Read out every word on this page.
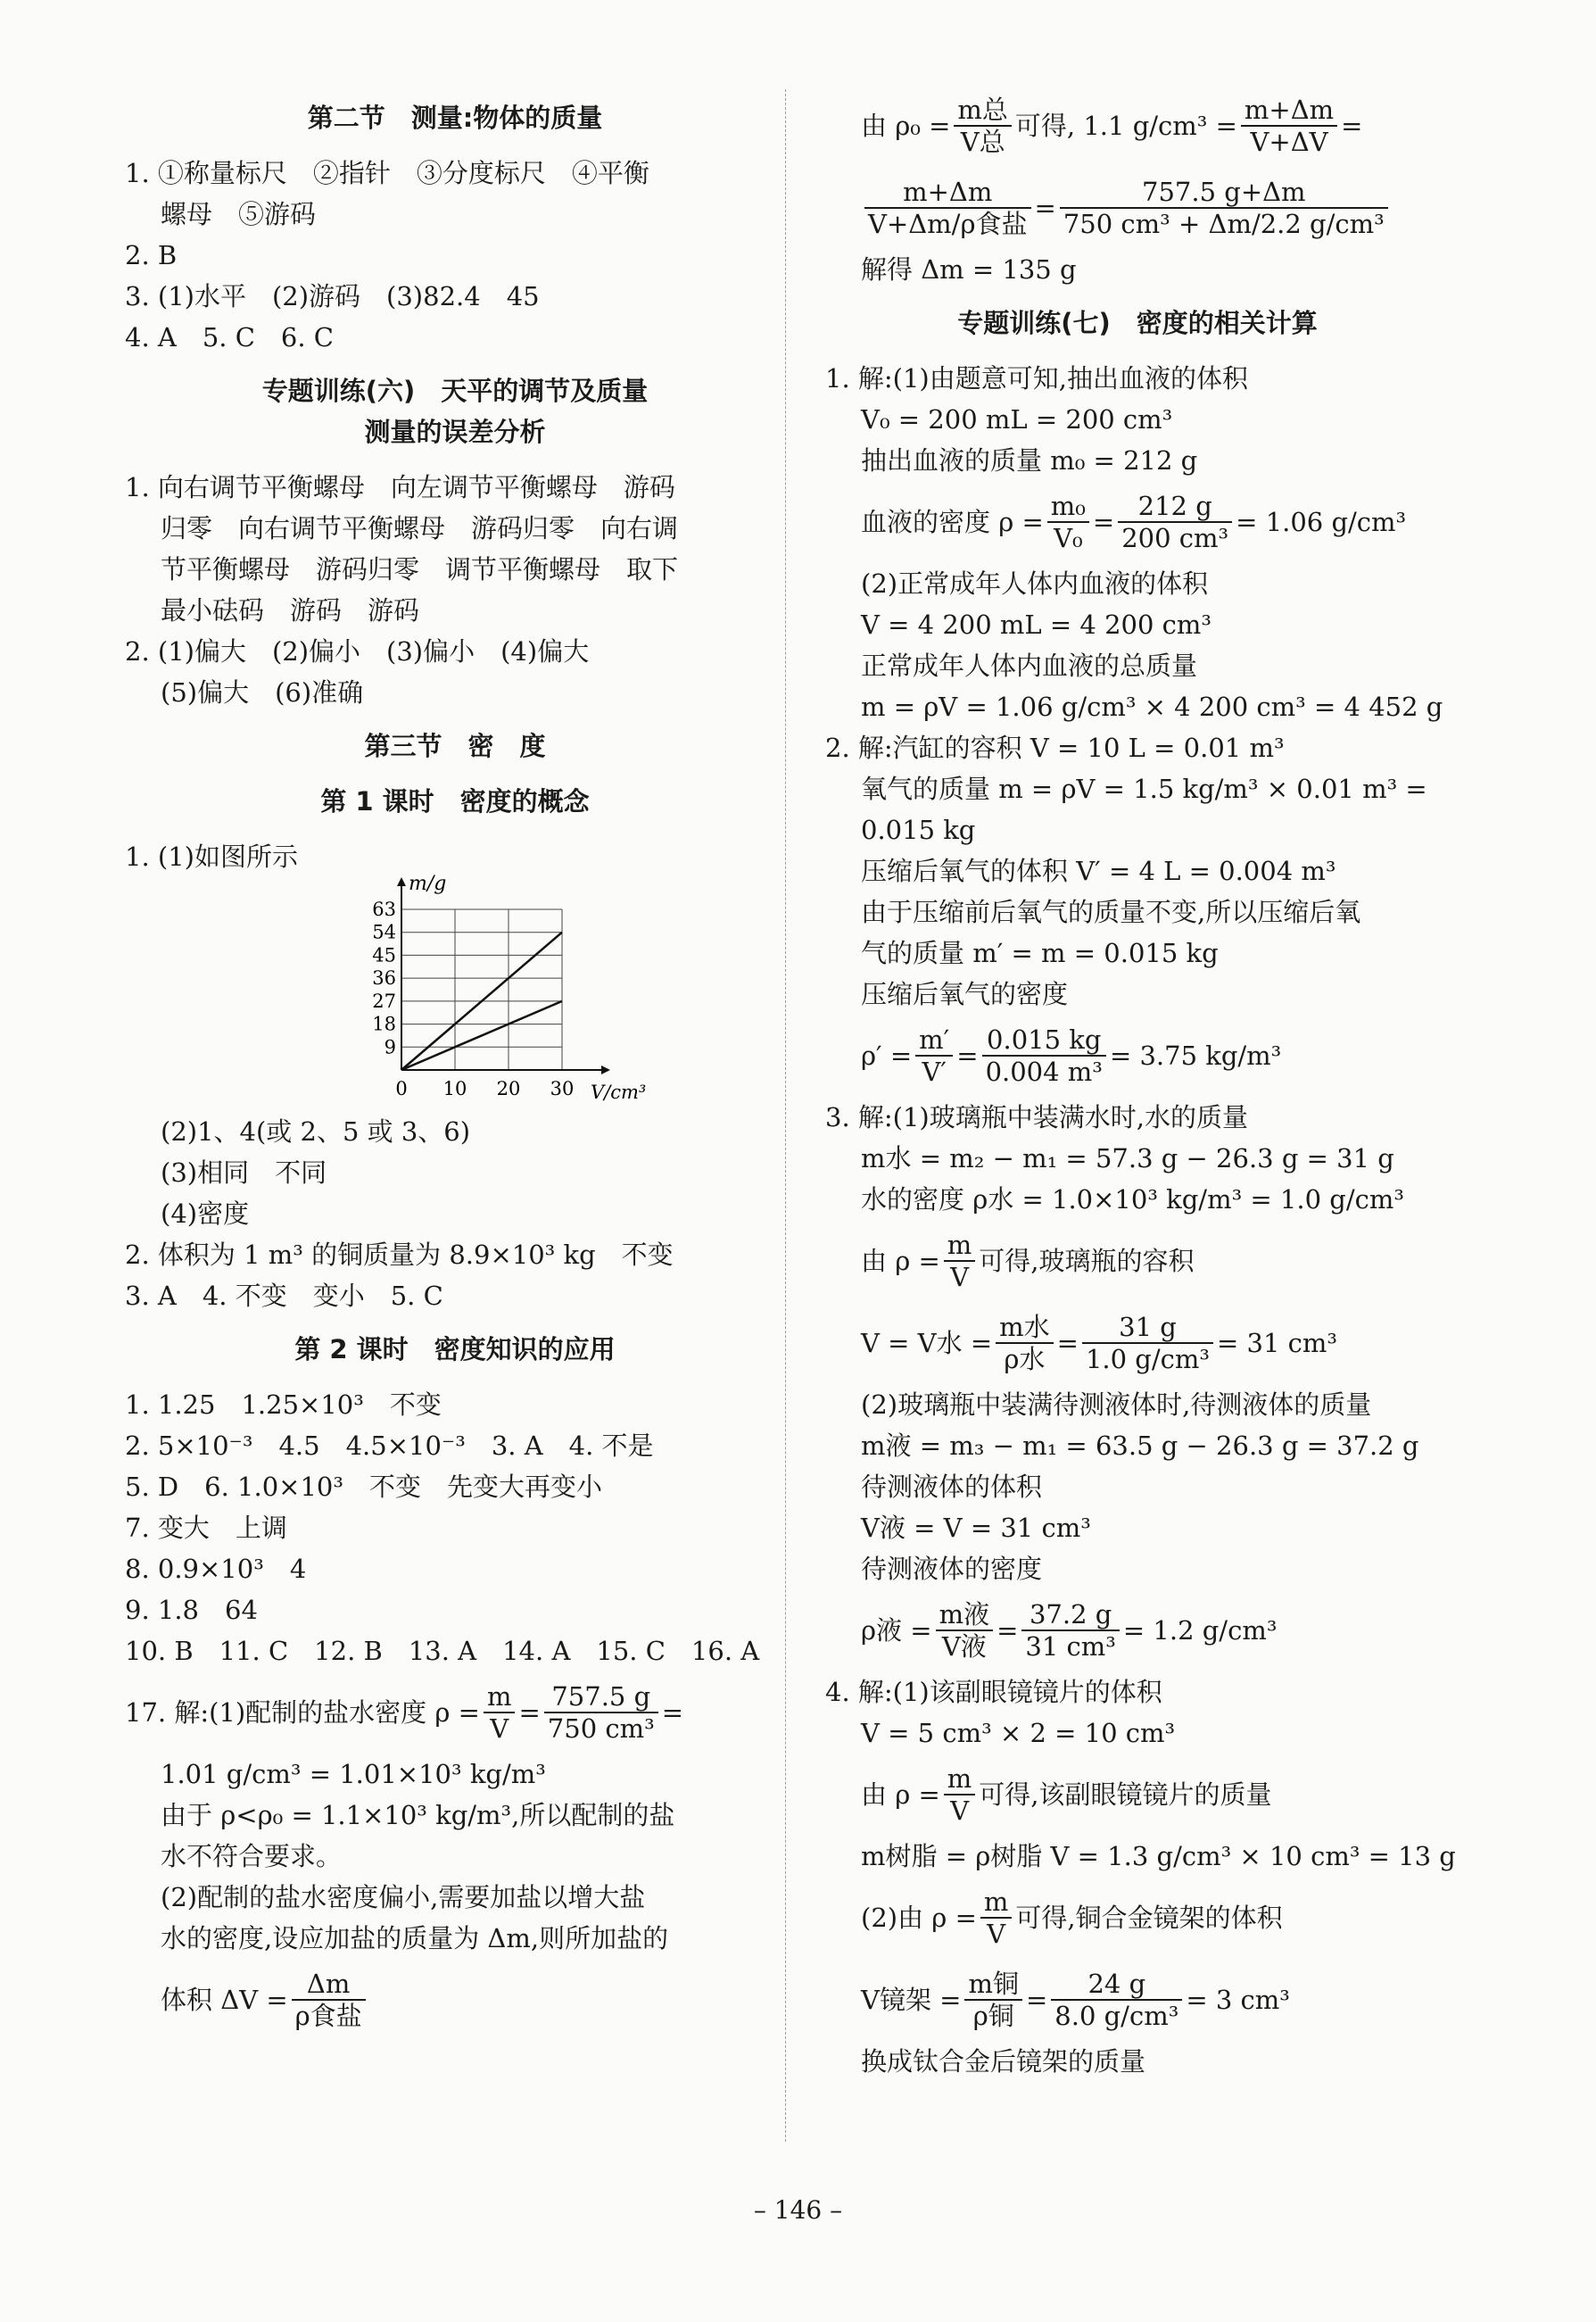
第二节　测量:物体的质量
1. ①称量标尺　②指针　③分度标尺　④平衡
螺母　⑤游码
2. B
3. (1)水平　(2)游码　(3)82.4　45
4. A　5. C　6. C
专题训练(六)　天平的调节及质量
测量的误差分析
1. 向右调节平衡螺母　向左调节平衡螺母　游码
归零　向右调节平衡螺母　游码归零　向右调
节平衡螺母　游码归零　调节平衡螺母　取下
最小砝码　游码　游码
2. (1)偏大　(2)偏小　(3)偏小　(4)偏大
(5)偏大　(6)准确
第三节　密　度
第 1 课时　密度的概念
1. (1)如图所示
9
18
27
36
45
54
63
0 10 20 30
m/g
V/cm³
(2)1、4(或 2、5 或 3、6)
(3)相同　不同
(4)密度
2. 体积为 1 m³ 的铜质量为 8.9×10³ kg　不变
3. A　4. 不变　变小　5. C
第 2 课时　密度知识的应用
1. 1.25　1.25×10³　不变
2. 5×10⁻³　4.5　4.5×10⁻³　3. A　4. 不是
5. D　6. 1.0×10³　不变　先变大再变小
7. 变大　上调
8. 0.9×10³　4
9. 1.8　64
10. B　11. C　12. B　13. A　14. A　15. C　16. A
17. 解:(1)配制的盐水密度 $\rho = \frac{m}{V} = \frac{757.5 g}{\text{750 cm³}}$ =
1.01 g/cm³ = 1.01×10³ kg/m³
由于 ρ<ρ₀ = 1.1×10³ kg/m³,所以配制的盐
水不符合要求。
(2)配制的盐水密度偏小,需要加盐以增大盐
水的密度,设应加盐的质量为 Δm,则所加盐的
体积 $\Delta V = \frac{\Delta m}{\text{ρ食盐}}$
由 $\rho_0 = \frac{\text{m总}}{\text{V总}}$ 可得, 1.1 $g/cm^3 = \frac{m+\Delta m}{V+\Delta V}$ =
$\frac{m+\Delta m}{\text{V+Δm/ρ食盐}} = \frac{757.5 g+\Delta m}{\text{750 cm³ + Δm/2.2 g/cm³}}$
解得 Δm = 135 g
专题训练(七)　密度的相关计算
1. 解:(1)由题意可知,抽出血液的体积
V₀ = 200 mL = 200 cm³
抽出血液的质量 m₀ = 212 g
血液的密度 $\rho = \frac{\text{m₀}}{\text{V₀}} = \frac{212 g}{\text{200 cm³}} = 1.06$ g/cm³
(2)正常成年人体内血液的体积
V = 4 200 mL = 4 200 cm³
正常成年人体内血液的总质量
m = ρV = 1.06 g/cm³ × 4 200 cm³ = 4 452 g
2. 解:汽缸的容积 V = 10 L = 0.01 m³
氧气的质量 m = ρV = 1.5 kg/m³ × 0.01 m³ =
0.015 kg
压缩后氧气的体积 V′ = 4 L = 0.004 m³
由于压缩前后氧气的质量不变,所以压缩后氧
气的质量 m′ = m = 0.015 kg
压缩后氧气的密度
$\rho' = \frac{m'}{V'} = \frac{0.015 kg}{\text{0.004 m³}} = 3.75$ kg/m³
3. 解:(1)玻璃瓶中装满水时,水的质量
m水 = m₂ − m₁ = 57.3 g − 26.3 g = 31 g
水的密度 ρ水 = 1.0×10³ kg/m³ = 1.0 g/cm³
由 $\rho = \frac{m}{V}$ 可得,玻璃瓶的容积
V = V水 = $\frac{\text{m水}}{\text{ρ水}} = \frac{31 g}{\text{1.0 g/cm³}} = 31$ cm³
(2)玻璃瓶中装满待测液体时,待测液体的质量
m液 = m₃ − m₁ = 63.5 g − 26.3 g = 37.2 g
待测液体的体积
V液 = V = 31 cm³
待测液体的密度
ρ液 = $\frac{\text{m液}}{\text{V液}} = \frac{37.2 g}{\text{31 cm³}} = 1.2$ g/cm³
4. 解:(1)该副眼镜镜片的体积
V = 5 cm³ × 2 = 10 cm³
由 $\rho = \frac{m}{V}$ 可得,该副眼镜镜片的质量
m树脂 = ρ树脂 V = 1.3 g/cm³ × 10 cm³ = 13 g
(2)由 $\rho = \frac{m}{V}$ 可得,铜合金镜架的体积
V镜架 = $\frac{\text{m铜}}{\text{ρ铜}} = \frac{24 g}{\text{8.0 g/cm³}} = 3$ cm³
换成钛合金后镜架的质量
– 146 –
